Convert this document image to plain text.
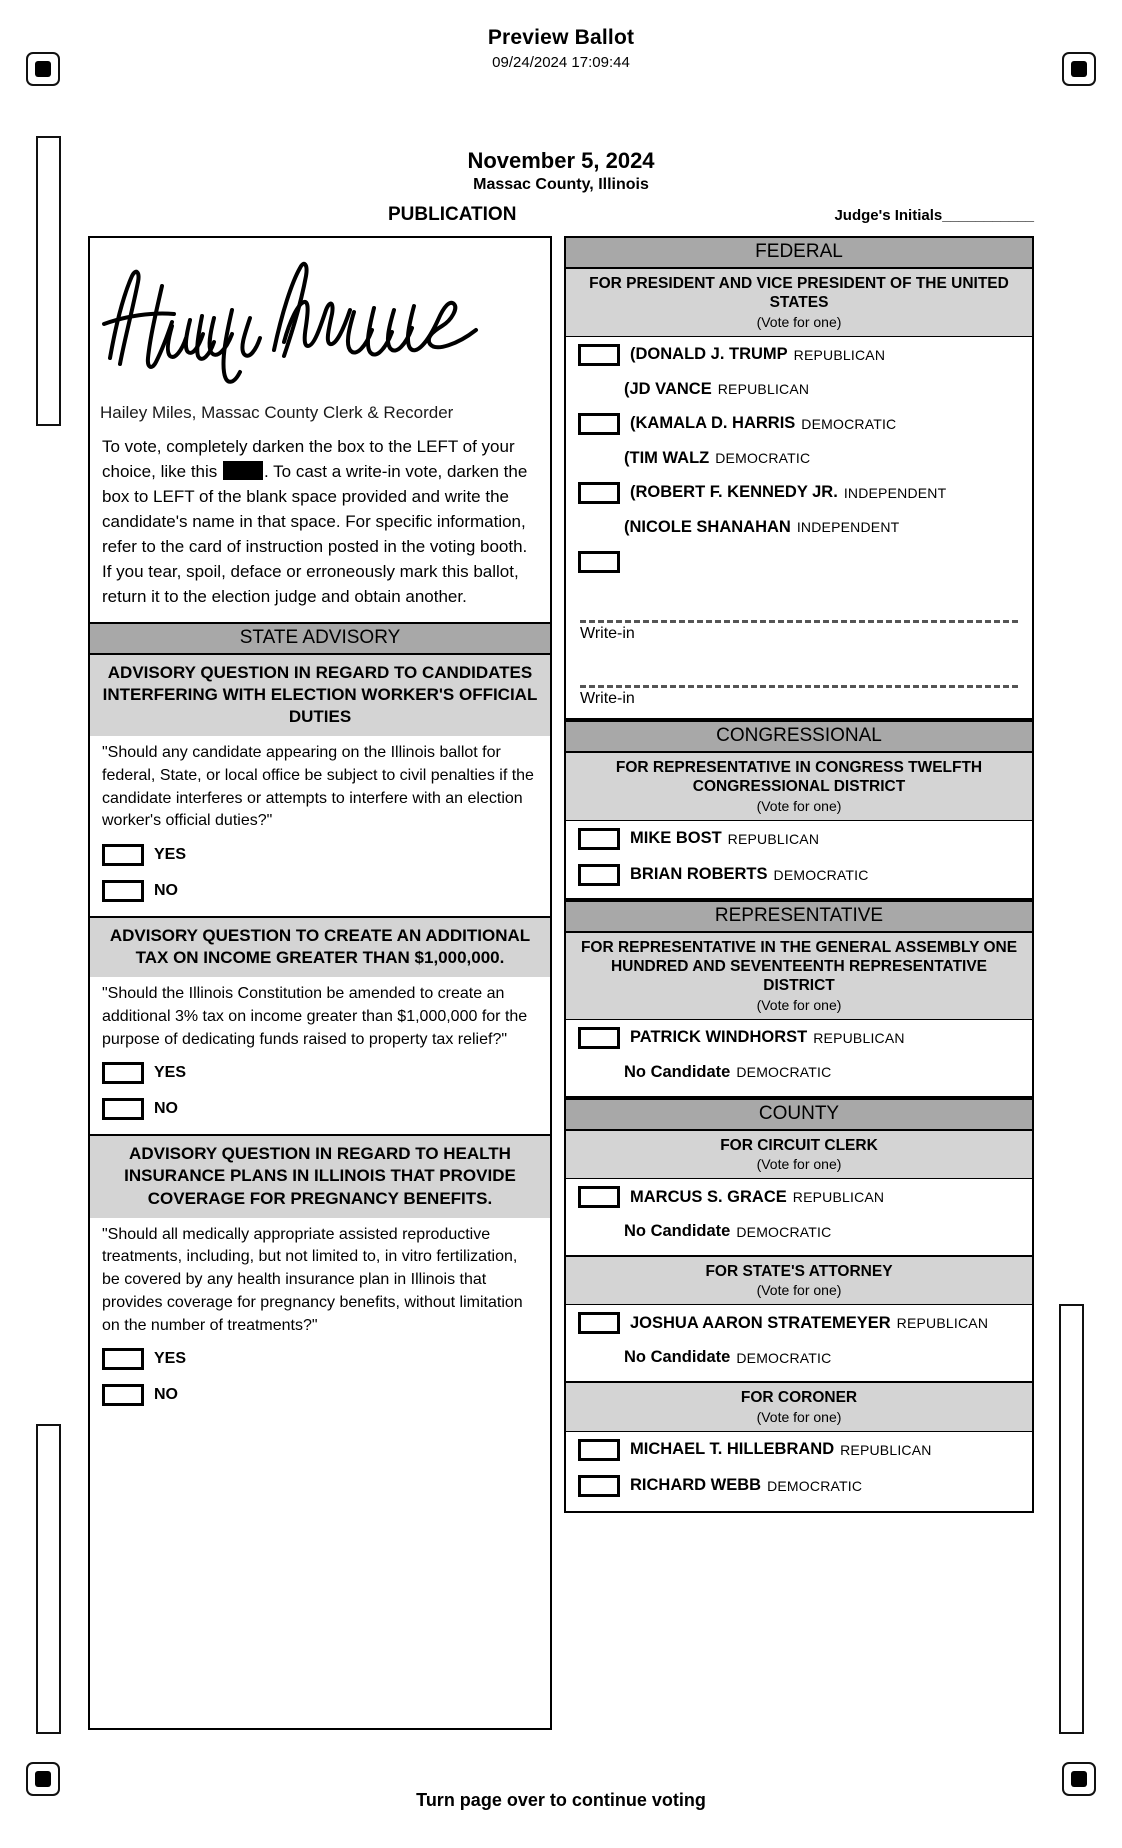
Preview Ballot
09/24/2024 17:09:44
November 5, 2024
Massac County, Illinois
PUBLICATION	Judge's Initials___________
Hailey Miles, Massac County Clerk & Recorder
To vote, completely darken the box to the LEFT of your choice, like this . To cast a write-in vote, darken the box to LEFT of the blank space provided and write the candidate's name in that space. For specific information, refer to the card of instruction posted in the voting booth. If you tear, spoil, deface or erroneously mark this ballot, return it to the election judge and obtain another.
STATE ADVISORY
ADVISORY QUESTION IN REGARD TO CANDIDATES INTERFERING WITH ELECTION WORKER'S OFFICIAL DUTIES
"Should any candidate appearing on the Illinois ballot for federal, State, or local office be subject to civil penalties if the candidate interferes or attempts to interfere with an election worker's official duties?"
YES
NO
ADVISORY QUESTION TO CREATE AN ADDITIONAL TAX ON INCOME GREATER THAN $1,000,000.
"Should the Illinois Constitution be amended to create an additional 3% tax on income greater than $1,000,000 for the purpose of dedicating funds raised to property tax relief?"
YES
NO
ADVISORY QUESTION IN REGARD TO HEALTH INSURANCE PLANS IN ILLINOIS THAT PROVIDE COVERAGE FOR PREGNANCY BENEFITS.
"Should all medically appropriate assisted reproductive treatments, including, but not limited to, in vitro fertilization, be covered by any health insurance plan in Illinois that provides coverage for pregnancy benefits, without limitation on the number of treatments?"
YES
NO
FEDERAL
FOR PRESIDENT AND VICE PRESIDENT OF THE UNITED STATES
(Vote for one)
(DONALD J. TRUMP REPUBLICAN
(JD VANCE REPUBLICAN
(KAMALA D. HARRIS DEMOCRATIC
(TIM WALZ DEMOCRATIC
(ROBERT F. KENNEDY JR. INDEPENDENT
(NICOLE SHANAHAN INDEPENDENT
Write-in
Write-in
CONGRESSIONAL
FOR REPRESENTATIVE IN CONGRESS TWELFTH CONGRESSIONAL DISTRICT
(Vote for one)
MIKE BOST REPUBLICAN
BRIAN ROBERTS DEMOCRATIC
REPRESENTATIVE
FOR REPRESENTATIVE IN THE GENERAL ASSEMBLY ONE HUNDRED AND SEVENTEENTH REPRESENTATIVE DISTRICT
(Vote for one)
PATRICK WINDHORST REPUBLICAN
No Candidate DEMOCRATIC
COUNTY
FOR CIRCUIT CLERK
(Vote for one)
MARCUS S. GRACE REPUBLICAN
No Candidate DEMOCRATIC
FOR STATE'S ATTORNEY
(Vote for one)
JOSHUA AARON STRATEMEYER REPUBLICAN
No Candidate DEMOCRATIC
FOR CORONER
(Vote for one)
MICHAEL T. HILLEBRAND REPUBLICAN
RICHARD WEBB DEMOCRATIC
Turn page over to continue voting
